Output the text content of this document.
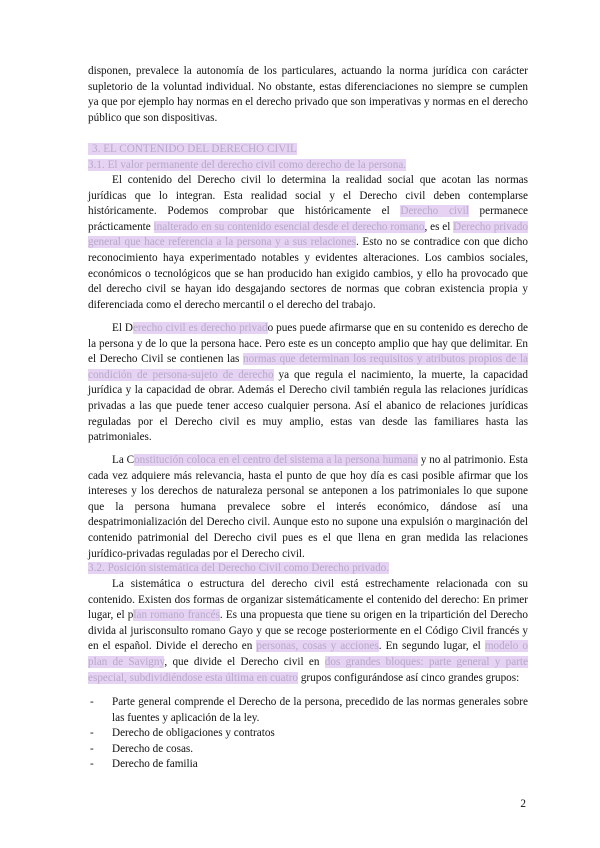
disponen, prevalece la autonomía de los particulares, actuando la norma jurídica con carácter supletorio de la voluntad individual. No obstante, estas diferenciaciones no siempre se cumplen ya que por ejemplo hay normas en el derecho privado que son imperativas y normas en el derecho público que son dispositivas.

3. EL CONTENIDO DEL DERECHO CIVIL
3.1. El valor permanente del derecho civil como derecho de la persona.

El contenido del Derecho civil lo determina la realidad social que acotan las normas jurídicas que lo integran. Esta realidad social y el Derecho civil deben contemplarse históricamente. Podemos comprobar que históricamente el Derecho civil permanece prácticamente inalterado en su contenido esencial desde el derecho romano, es el Derecho privado general que hace referencia a la persona y a sus relaciones. Esto no se contradice con que dicho reconocimiento haya experimentado notables y evidentes alteraciones. Los cambios sociales, económicos o tecnológicos que se han producido han exigido cambios, y ello ha provocado que del derecho civil se hayan ido desgajando sectores de normas que cobran existencia propia y diferenciada como el derecho mercantil o el derecho del trabajo.

El Derecho civil es derecho privado pues puede afirmarse que en su contenido es derecho de la persona y de lo que la persona hace. Pero este es un concepto amplio que hay que delimitar. En el Derecho Civil se contienen las normas que determinan los requisitos y atributos propios de la condición de persona-sujeto de derecho ya que regula el nacimiento, la muerte, la capacidad jurídica y la capacidad de obrar. Además el Derecho civil también regula las relaciones jurídicas privadas a las que puede tener acceso cualquier persona. Así el abanico de relaciones jurídicas reguladas por el Derecho civil es muy amplio, estas van desde las familiares hasta las patrimoniales.

La Constitución coloca en el centro del sistema a la persona humana y no al patrimonio. Esta cada vez adquiere más relevancia, hasta el punto de que hoy día es casi posible afirmar que los intereses y los derechos de naturaleza personal se anteponen a los patrimoniales lo que supone que la persona humana prevalece sobre el interés económico, dándose así una despatrimonialización del Derecho civil. Aunque esto no supone una expulsión o marginación del contenido patrimonial del Derecho civil pues es el que llena en gran medida las relaciones jurídico-privadas reguladas por el Derecho civil.

3.2. Posición sistemática del Derecho Civil como Derecho privado.

La sistemática o estructura del derecho civil está estrechamente relacionada con su contenido. Existen dos formas de organizar sistemáticamente el contenido del derecho: En primer lugar, el plan romano francés. Es una propuesta que tiene su origen en la tripartición del Derecho divida al jurisconsulto romano Gayo y que se recoge posteriormente en el Código Civil francés y en el español. Divide el derecho en personas, cosas y acciones. En segundo lugar, el modelo o plan de Savigny, que divide el Derecho civil en dos grandes bloques: parte general y parte especial, subdividiéndose esta última en cuatro grupos configurándose así cinco grandes grupos:

- Parte general comprende el Derecho de la persona, precedido de las normas generales sobre las fuentes y aplicación de la ley.
- Derecho de obligaciones y contratos
- Derecho de cosas.
- Derecho de familia
2
